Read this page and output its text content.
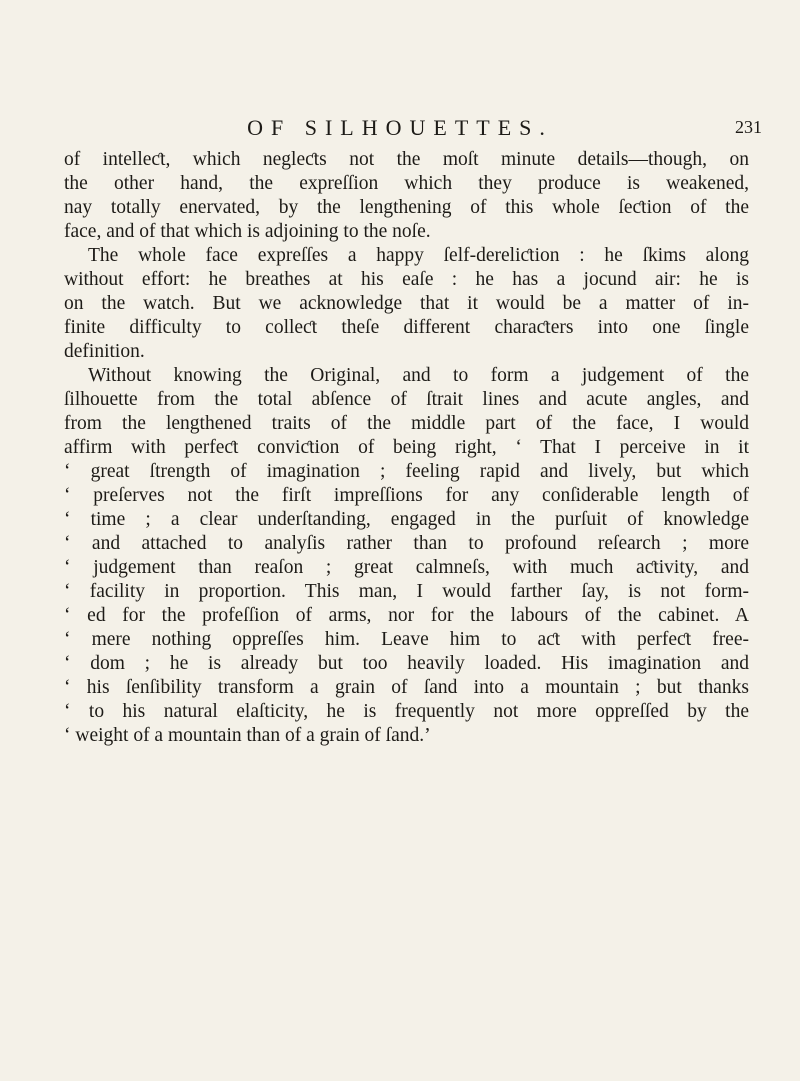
OF SILHOUETTES.	231
of intelleƈt, which negleƈts not the moſt minute details—though, on
the other hand, the expreſſion which they produce is weakened,
nay totally enervated, by the lengthening of this whole ſeƈtion of the
face, and of that which is adjoining to the noſe.
The whole face expreſſes a happy ſelf-dereliƈtion : he ſkims along
without effort: he breathes at his eaſe : he has a jocund air: he is
on the watch. But we acknowledge that it would be a matter of in-
finite difficulty to colleƈt theſe different charaƈters into one ſingle
definition.
Without knowing the Original, and to form a judgement of the
ſilhouette from the total abſence of ſtrait lines and acute angles, and
from the lengthened traits of the middle part of the face, I would
affirm with perfeƈt conviƈtion of being right, ‘ That I perceive in it
‘ great ſtrength of imagination ; feeling rapid and lively, but which
‘ preſerves not the firſt impreſſions for any conſiderable length of
‘ time ; a clear underſtanding, engaged in the purſuit of knowledge
‘ and attached to analyſis rather than to profound reſearch ; more
‘ judgement than reaſon ; great calmneſs, with much aƈtivity, and
‘ facility in proportion. This man, I would farther ſay, is not form-
‘ ed for the profeſſion of arms, nor for the labours of the cabinet. A
‘ mere nothing oppreſſes him. Leave him to aƈt with perfeƈt free-
‘ dom ; he is already but too heavily loaded. His imagination and
‘ his ſenſibility transform a grain of ſand into a mountain ; but thanks
‘ to his natural elaſticity, he is frequently not more oppreſſed by the
‘ weight of a mountain than of a grain of ſand.’
